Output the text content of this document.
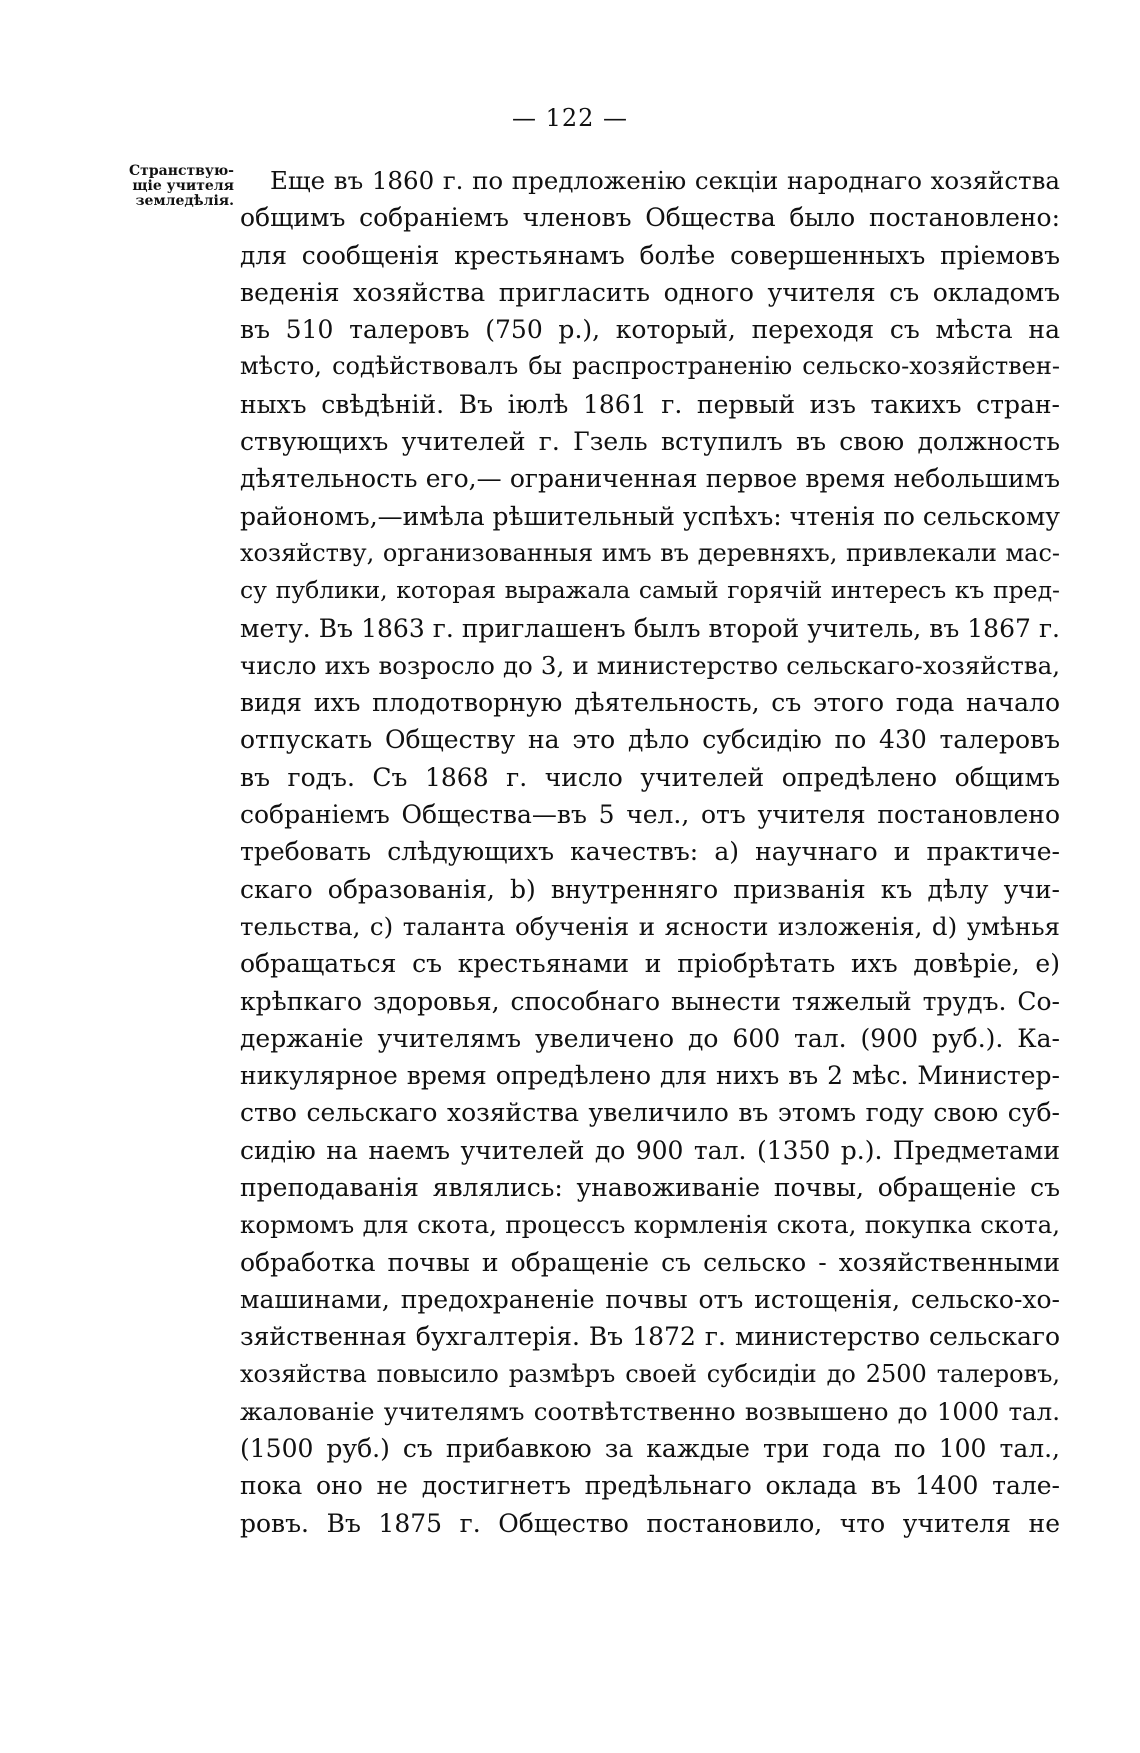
— 122 —
Странствую-
щіе учителя
земледѣлія.
Еще въ 1860 г. по предложенію секціи народнаго хозяйства
общимъ собраніемъ членовъ Общества было постановлено:
для сообщенія крестьянамъ болѣе совершенныхъ пріемовъ
веденія хозяйства пригласить одного учителя съ окладомъ
въ 510 талеровъ (750 р.), который, переходя съ мѣста на
мѣсто, содѣйствовалъ бы распространенію сельско-хозяйствен-
ныхъ свѣдѣній. Въ іюлѣ 1861 г. первый изъ такихъ стран-
ствующихъ учителей г. Гзель вступилъ въ свою должность
дѣятельность его,— ограниченная первое время небольшимъ
райономъ,—имѣла рѣшительный успѣхъ: чтенія по сельскому
хозяйству, организованныя имъ въ деревняхъ, привлекали мас-
су публики, которая выражала самый горячій интересъ къ пред-
мету. Въ 1863 г. приглашенъ былъ второй учитель, въ 1867 г.
число ихъ возросло до 3, и министерство сельскаго-хозяйства,
видя ихъ плодотворную дѣятельность, съ этого года начало
отпускать Обществу на это дѣло субсидію по 430 талеровъ
въ годъ. Съ 1868 г. число учителей опредѣлено общимъ
собраніемъ Общества—въ 5 чел., отъ учителя постановлено
требовать слѣдующихъ качествъ: a) научнаго и практиче-
скаго образованія, b) внутренняго призванія къ дѣлу учи-
тельства, c) таланта обученія и ясности изложенія, d) умѣнья
обращаться съ крестьянами и пріобрѣтать ихъ довѣріе, e)
крѣпкаго здоровья, способнаго вынести тяжелый трудъ. Со-
держаніе учителямъ увеличено до 600 тал. (900 руб.). Ка-
никулярное время опредѣлено для нихъ въ 2 мѣс. Министер-
ство сельскаго хозяйства увеличило въ этомъ году свою суб-
сидію на наемъ учителей до 900 тал. (1350 р.). Предметами
преподаванія являлись: унавоживаніе почвы, обращеніе съ
кормомъ для скота, процессъ кормленія скота, покупка скота,
обработка почвы и обращеніе съ сельско - хозяйственными
машинами, предохраненіе почвы отъ истощенія, сельско-хо-
зяйственная бухгалтерія. Въ 1872 г. министерство сельскаго
хозяйства повысило размѣръ своей субсидіи до 2500 талеровъ,
жалованіе учителямъ соотвѣтственно возвышено до 1000 тал.
(1500 руб.) съ прибавкою за каждые три года по 100 тал.,
пока оно не достигнетъ предѣльнаго оклада въ 1400 тале-
ровъ. Въ 1875 г. Общество постановило, что учителя не
